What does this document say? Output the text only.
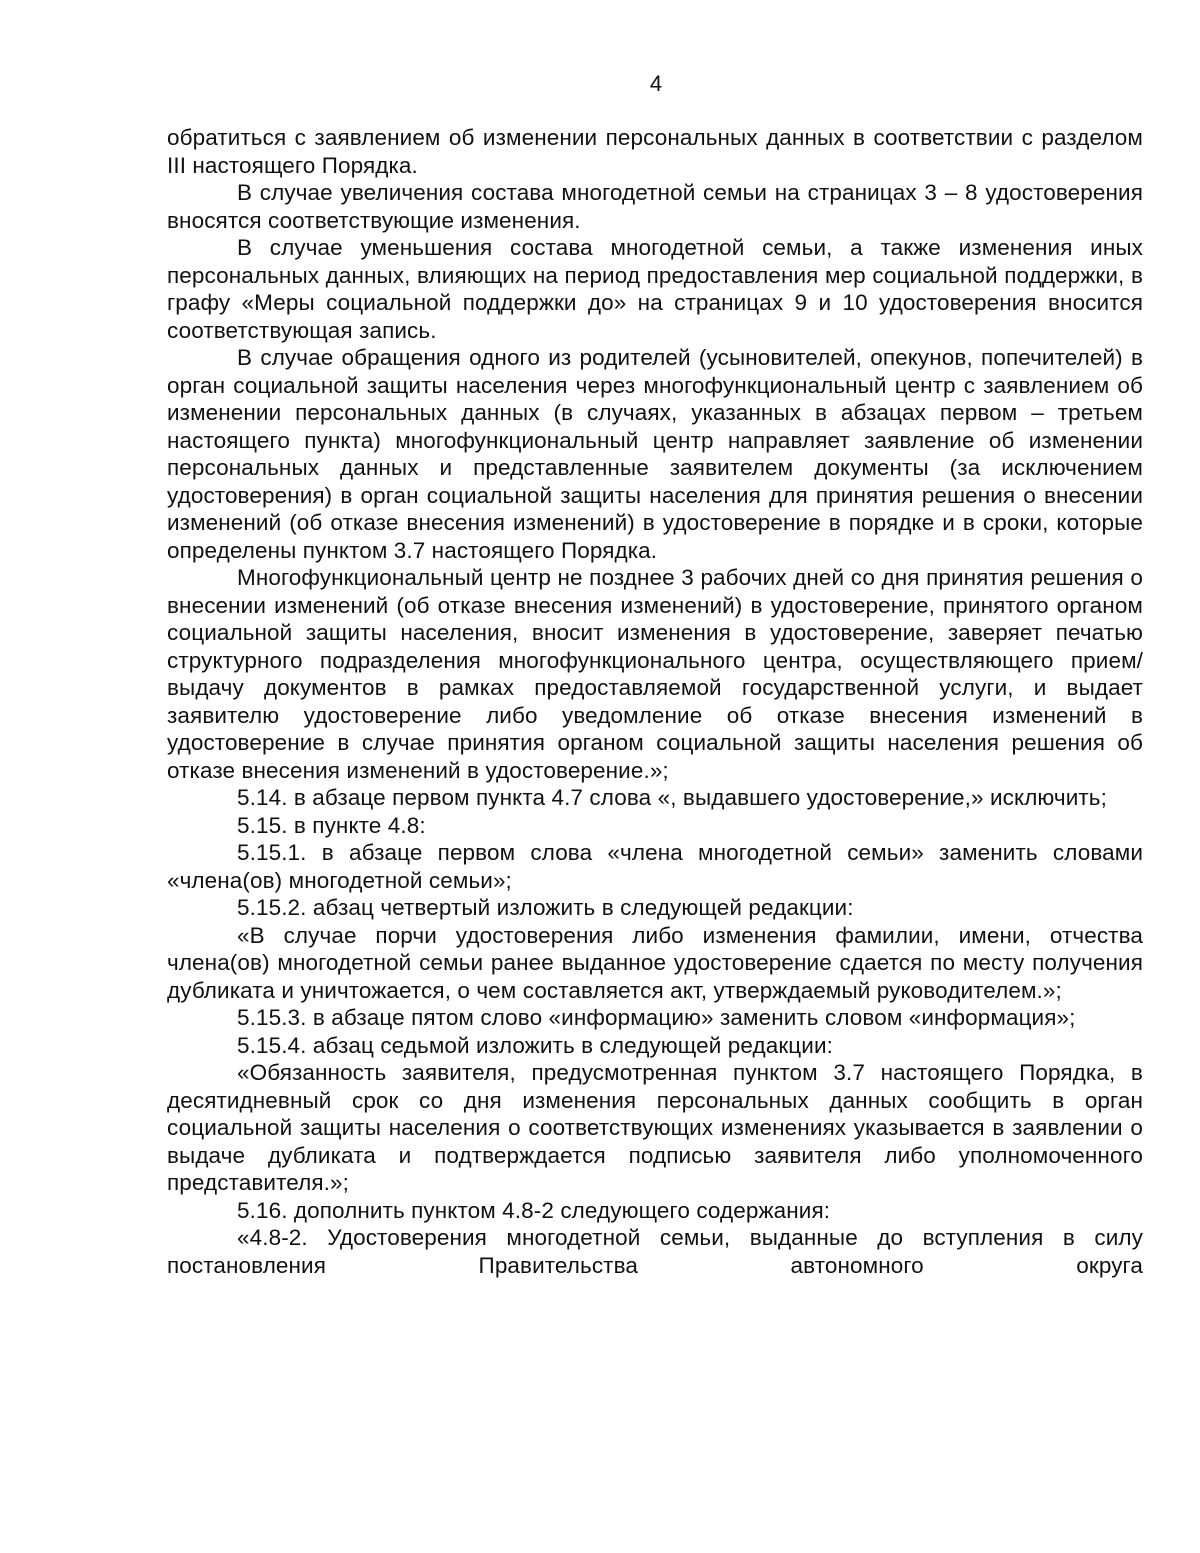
4

обратиться с заявлением об изменении персональных данных в соответствии с разделом III настоящего Порядка.

В случае увеличения состава многодетной семьи на страницах 3 – 8 удостоверения вносятся соответствующие изменения.

В случае уменьшения состава многодетной семьи, а также изменения иных персональных данных, влияющих на период предоставления мер социальной поддержки, в графу «Меры социальной поддержки до» на страницах 9 и 10 удостоверения вносится соответствующая запись.

В случае обращения одного из родителей (усыновителей, опекунов, попечителей) в орган социальной защиты населения через многофункциональный центр с заявлением об изменении персональных данных (в случаях, указанных в абзацах первом – третьем настоящего пункта) многофункциональный центр направляет заявление об изменении персональных данных и представленные заявителем документы (за исключением удостоверения) в орган социальной защиты населения для принятия решения о внесении изменений (об отказе внесения изменений) в удостоверение в порядке и в сроки, которые определены пунктом 3.7 настоящего Порядка.

Многофункциональный центр не позднее 3 рабочих дней со дня принятия решения о внесении изменений (об отказе внесения изменений) в удостоверение, принятого органом социальной защиты населения, вносит изменения в удостоверение, заверяет печатью структурного подразделения многофункционального центра, осуществляющего прием/выдачу документов в рамках предоставляемой государственной услуги, и выдает заявителю удостоверение либо уведомление об отказе внесения изменений в удостоверение в случае принятия органом социальной защиты населения решения об отказе внесения изменений в удостоверение.»;

5.14. в абзаце первом пункта 4.7 слова «, выдавшего удостоверение,» исключить;

5.15. в пункте 4.8:

5.15.1. в абзаце первом слова «члена многодетной семьи» заменить словами «члена(ов) многодетной семьи»;

5.15.2. абзац четвертый изложить в следующей редакции:

«В случае порчи удостоверения либо изменения фамилии, имени, отчества члена(ов) многодетной семьи ранее выданное удостоверение сдается по месту получения дубликата и уничтожается, о чем составляется акт, утверждаемый руководителем.»;

5.15.3. в абзаце пятом слово «информацию» заменить словом «информация»;

5.15.4. абзац седьмой изложить в следующей редакции:

«Обязанность заявителя, предусмотренная пунктом 3.7 настоящего Порядка, в десятидневный срок со дня изменения персональных данных сообщить в орган социальной защиты населения о соответствующих изменениях указывается в заявлении о выдаче дубликата и подтверждается подписью заявителя либо уполномоченного представителя.»;

5.16. дополнить пунктом 4.8-2 следующего содержания:

«4.8-2. Удостоверения многодетной семьи, выданные до вступления в силу постановления Правительства автономного округа
